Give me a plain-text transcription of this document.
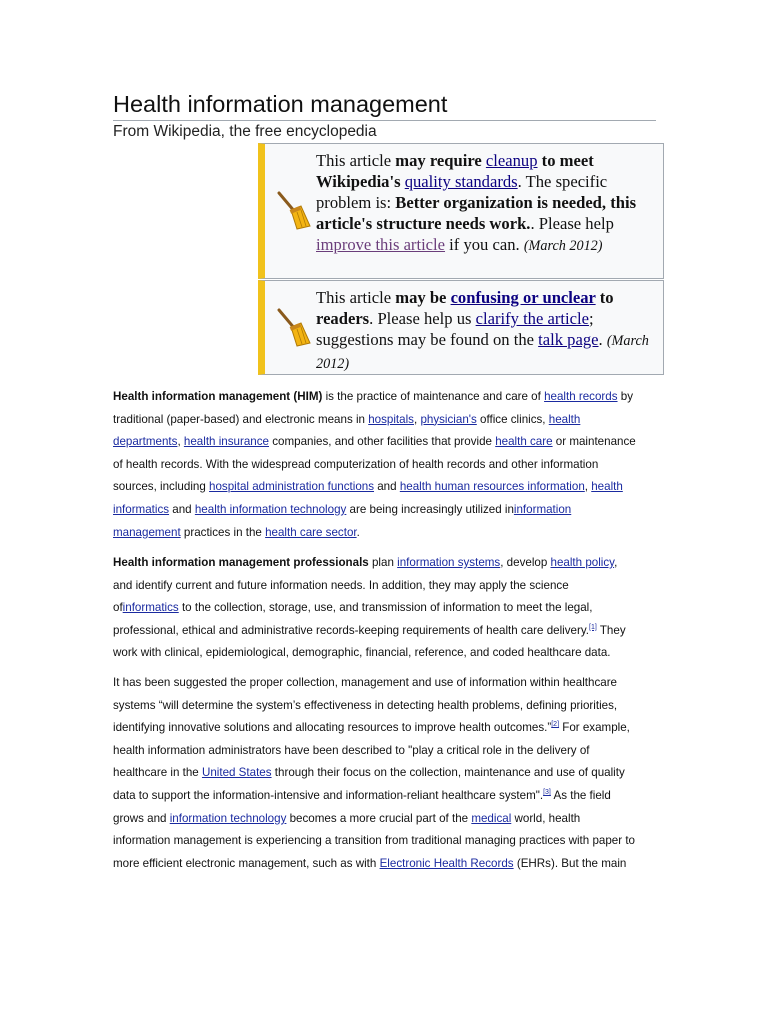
Health information management
From Wikipedia, the free encyclopedia
This article may require cleanup to meet Wikipedia's quality standards. The specific problem is: Better organization is needed, this article's structure needs work.. Please help improve this article if you can. (March 2012)
This article may be confusing or unclear to readers. Please help us clarify the article; suggestions may be found on the talk page. (March 2012)
Health information management (HIM) is the practice of maintenance and care of health records by
traditional (paper-based) and electronic means in hospitals, physician's office clinics, health
departments, health insurance companies, and other facilities that provide health care or maintenance
of health records. With the widespread computerization of health records and other information
sources, including hospital administration functions and health human resources information, health
informatics and health information technology are being increasingly utilized ininformation
management practices in the health care sector.
Health information management professionals plan information systems, develop health policy,
and identify current and future information needs. In addition, they may apply the science
ofinformatics to the collection, storage, use, and transmission of information to meet the legal,
professional, ethical and administrative records-keeping requirements of health care delivery.[1] They
work with clinical, epidemiological, demographic, financial, reference, and coded healthcare data.
It has been suggested the proper collection, management and use of information within healthcare
systems “will determine the system’s effectiveness in detecting health problems, defining priorities,
identifying innovative solutions and allocating resources to improve health outcomes.”[2] For example,
health information administrators have been described to "play a critical role in the delivery of
healthcare in the United States through their focus on the collection, maintenance and use of quality
data to support the information-intensive and information-reliant healthcare system".[3] As the field
grows and information technology becomes a more crucial part of the medical world, health
information management is experiencing a transition from traditional managing practices with paper to
more efficient electronic management, such as with Electronic Health Records (EHRs). But the main
